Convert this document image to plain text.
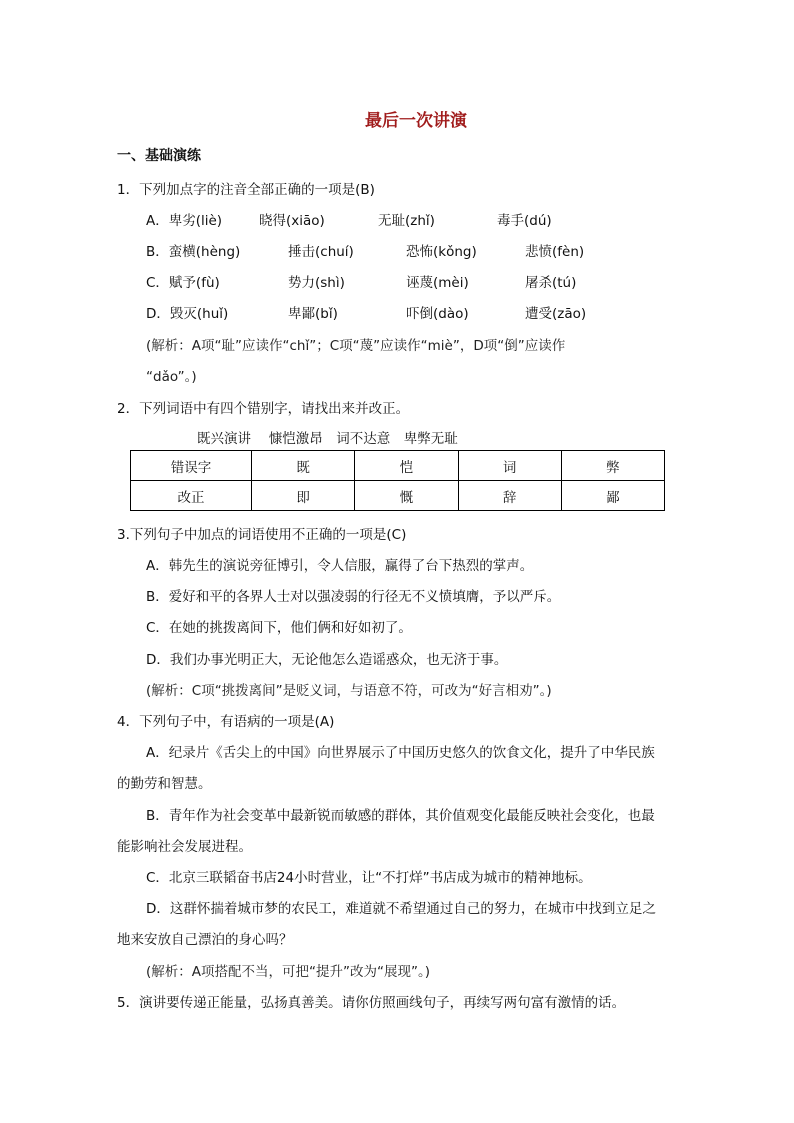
最后一次讲演
一、基础演练
1．下列加点字的注音全部正确的一项是(B)
A．卑劣(liè)	晓得(xiāo)	无耻(zhǐ)	毒手(dú)
B．蛮横(hèng)	捶击(chuí)	恐怖(kǒng)	悲愤(fèn)
C．赋予(fù)	势力(shì)	诬蔑(mèi)	屠杀(tú)
D．毁灭(huǐ)	卑鄙(bǐ)	吓倒(dào)	遭受(zāo)
(解析：A项“耻”应读作“chǐ”；C项“蔑”应读作“miè”，D项“倒”应读作
“dǎo”。)
2．下列词语中有四个错别字，请找出来并改正。
既兴演讲　 慷恺激昂　词不达意　卑弊无耻
错误字	既	恺	词	弊
改正	即	慨	辞	鄙
3.下列句子中加点的词语使用不正确的一项是(C)
A．韩先生的演说旁征博引，令人信服，赢得了台下热烈的掌声。
B．爱好和平的各界人士对以强凌弱的行径无不义愤填膺，予以严斥。
C．在她的挑拨离间下，他们俩和好如初了。
D．我们办事光明正大，无论他怎么造谣惑众，也无济于事。
(解析：C项“挑拨离间”是贬义词，与语意不符，可改为“好言相劝”。)
4．下列句子中，有语病的一项是(A)
A．纪录片《舌尖上的中国》向世界展示了中国历史悠久的饮食文化，提升了中华民族
的勤劳和智慧。
B．青年作为社会变革中最新锐而敏感的群体，其价值观变化最能反映社会变化，也最
能影响社会发展进程。
C．北京三联韬奋书店24小时营业，让“不打烊”书店成为城市的精神地标。
D．这群怀揣着城市梦的农民工，难道就不希望通过自己的努力，在城市中找到立足之
地来安放自己漂泊的身心吗？
(解析：A项搭配不当，可把“提升”改为“展现”。)
5．演讲要传递正能量，弘扬真善美。请你仿照画线句子，再续写两句富有激情的话。
